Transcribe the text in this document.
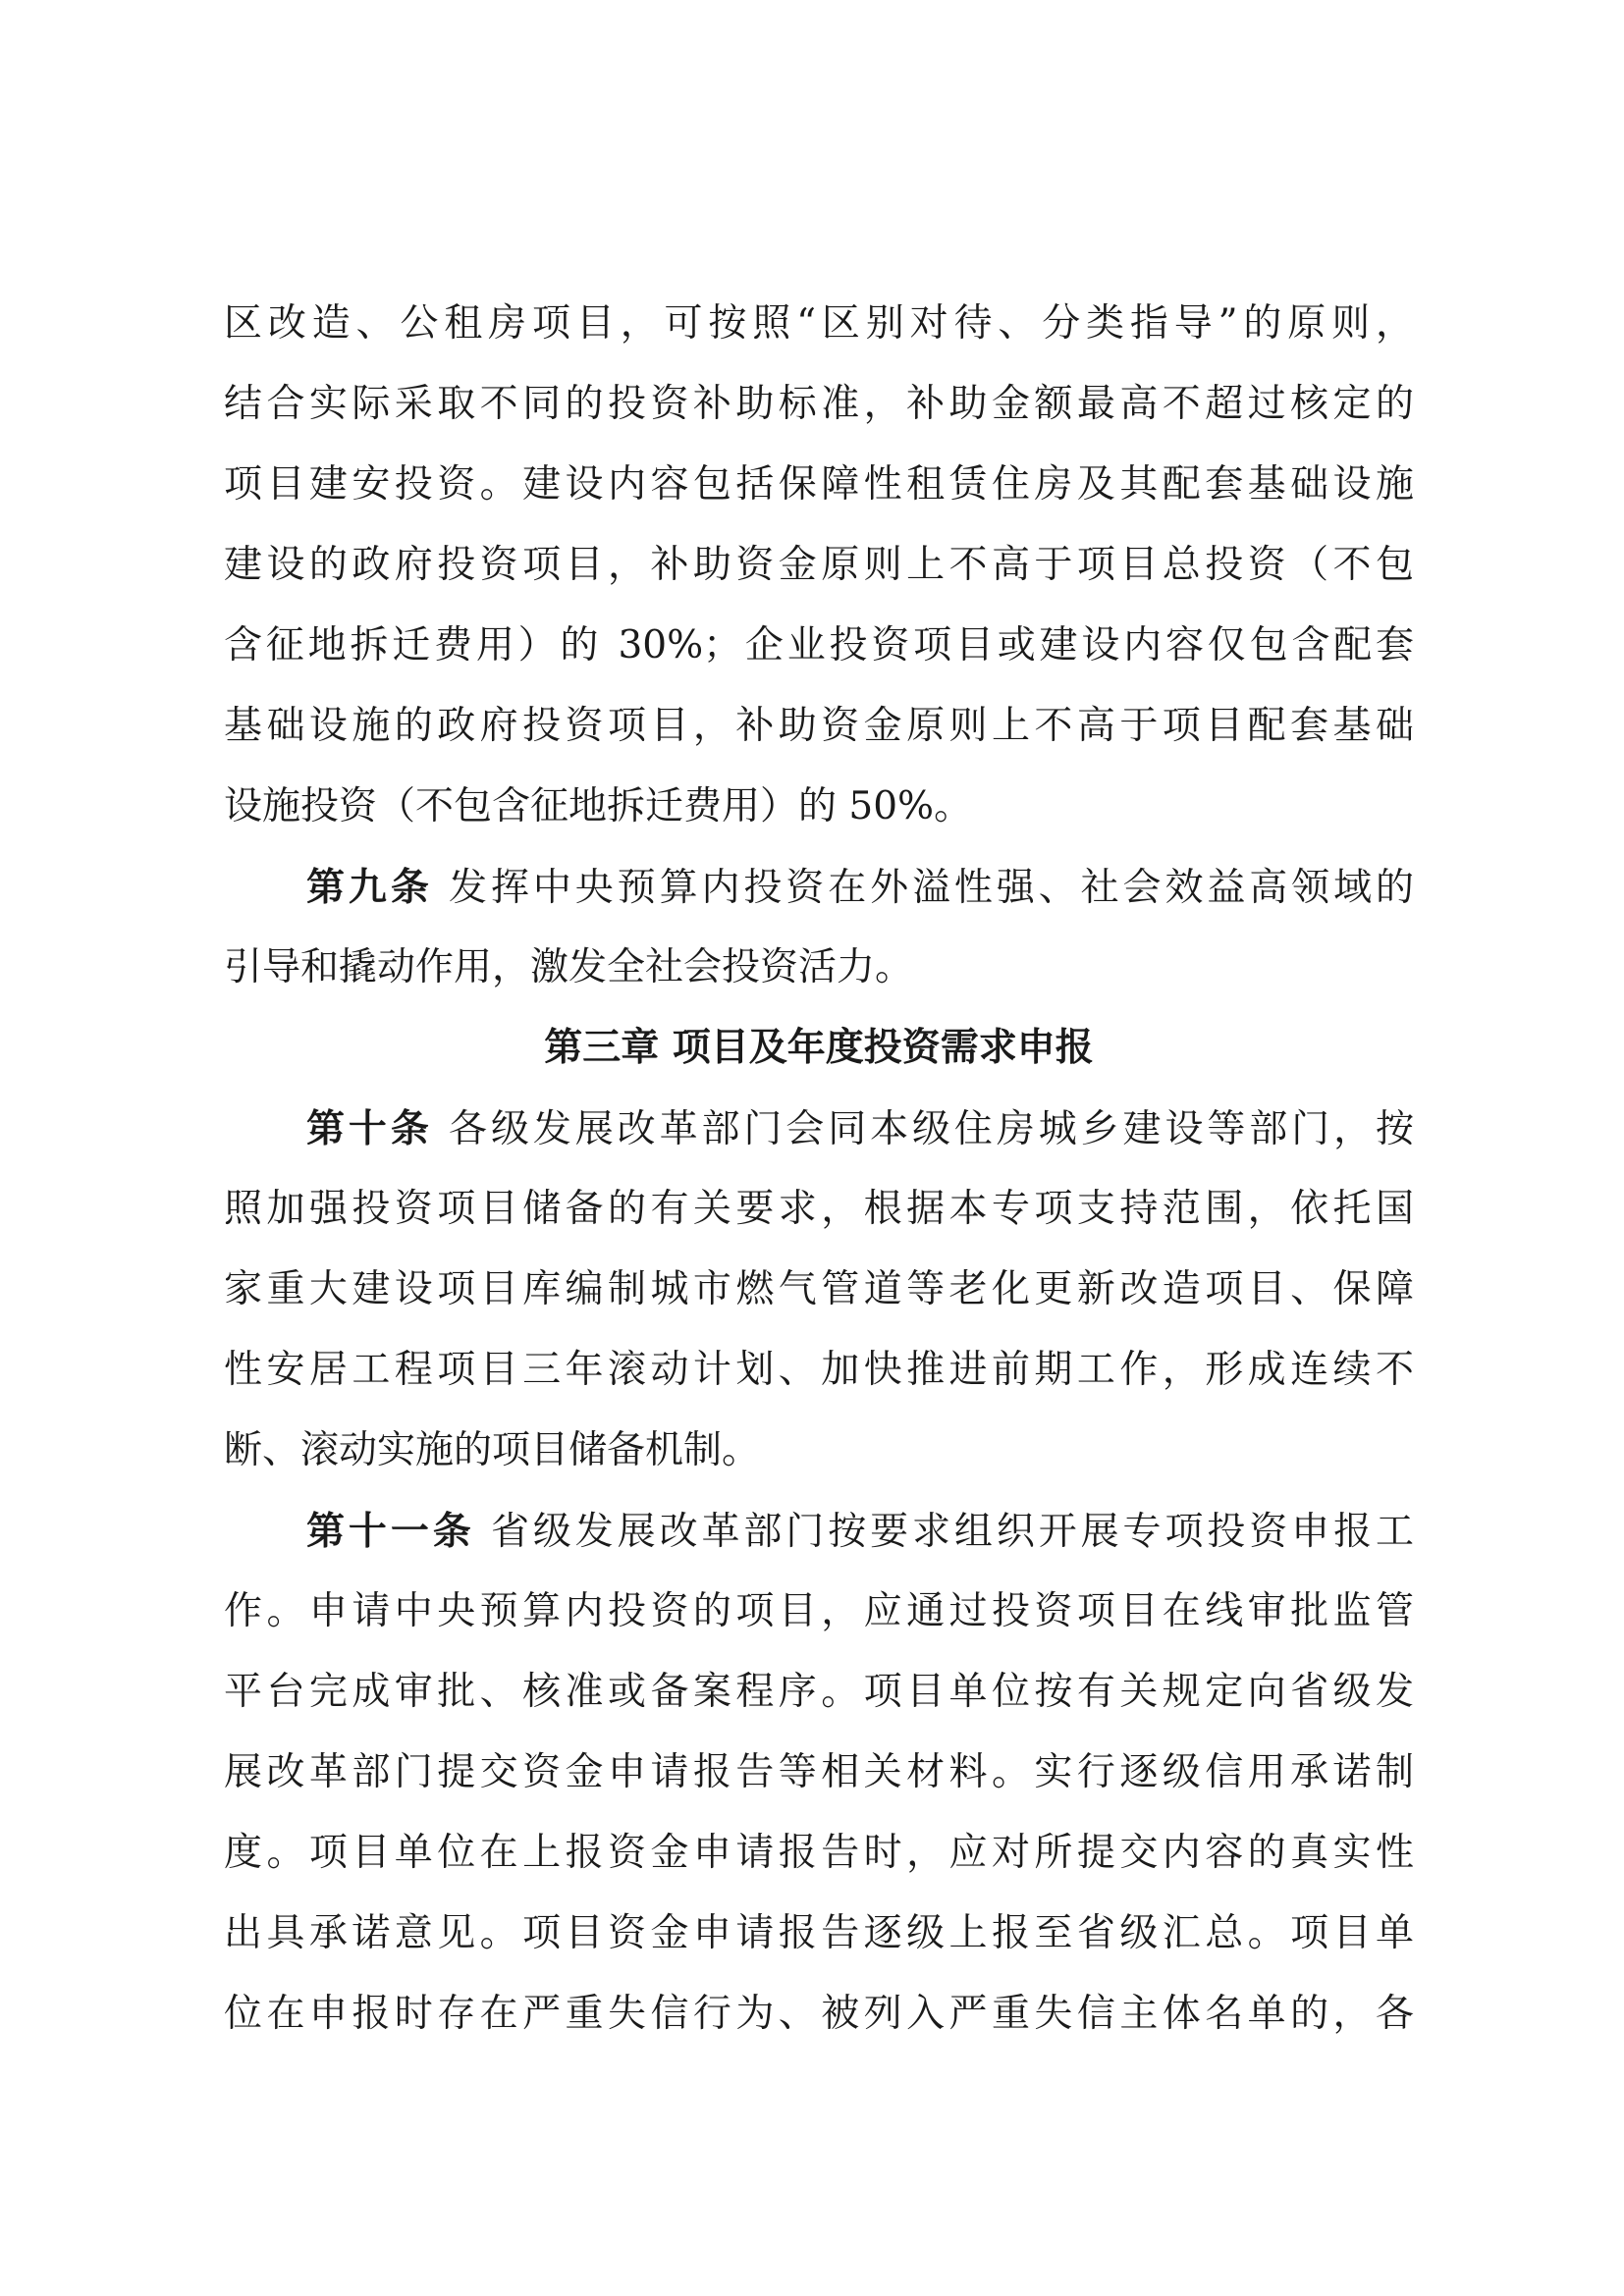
区改造、公租房项目，可按照“区别对待、分类指导”的原则，
结合实际采取不同的投资补助标准，补助金额最高不超过核定的
项目建安投资。建设内容包括保障性租赁住房及其配套基础设施
建设的政府投资项目，补助资金原则上不高于项目总投资（不包
含征地拆迁费用）的 30%；企业投资项目或建设内容仅包含配套
基础设施的政府投资项目，补助资金原则上不高于项目配套基础
设施投资（不包含征地拆迁费用）的 50%。
第九条 发挥中央预算内投资在外溢性强、社会效益高领域的
引导和撬动作用，激发全社会投资活力。
第三章 项目及年度投资需求申报
第十条 各级发展改革部门会同本级住房城乡建设等部门，按
照加强投资项目储备的有关要求，根据本专项支持范围，依托国
家重大建设项目库编制城市燃气管道等老化更新改造项目、保障
性安居工程项目三年滚动计划、加快推进前期工作，形成连续不
断、滚动实施的项目储备机制。
第十一条 省级发展改革部门按要求组织开展专项投资申报工
作。申请中央预算内投资的项目，应通过投资项目在线审批监管
平台完成审批、核准或备案程序。项目单位按有关规定向省级发
展改革部门提交资金申请报告等相关材料。实行逐级信用承诺制
度。项目单位在上报资金申请报告时，应对所提交内容的真实性
出具承诺意见。项目资金申请报告逐级上报至省级汇总。项目单
位在申报时存在严重失信行为、被列入严重失信主体名单的，各
